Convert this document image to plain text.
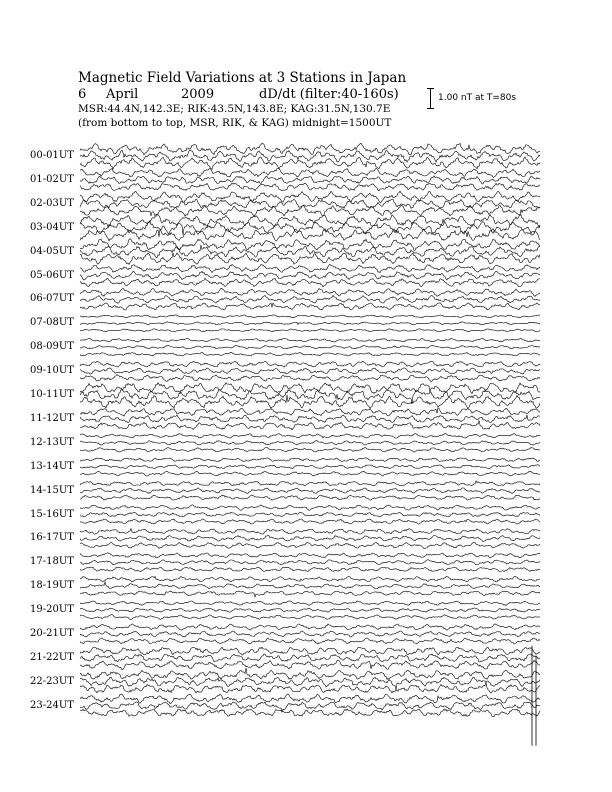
Magnetic Field Variations at 3 Stations in Japan
6 April	2009	dD/dt (filter:40-160s)
MSR:44.4N,142.3E; RIK:43.5N,143.8E; KAG:31.5N,130.7E
(from bottom to top, MSR, RIK, & KAG) midnight=1500UT
1.00 nT at T=80s
00-01UT
01-02UT
02-03UT
03-04UT
04-05UT
05-06UT
06-07UT
07-08UT
08-09UT
09-10UT
10-11UT
11-12UT
12-13UT
13-14UT
14-15UT
15-16UT
16-17UT
17-18UT
18-19UT
19-20UT
20-21UT
21-22UT
22-23UT
23-24UT
